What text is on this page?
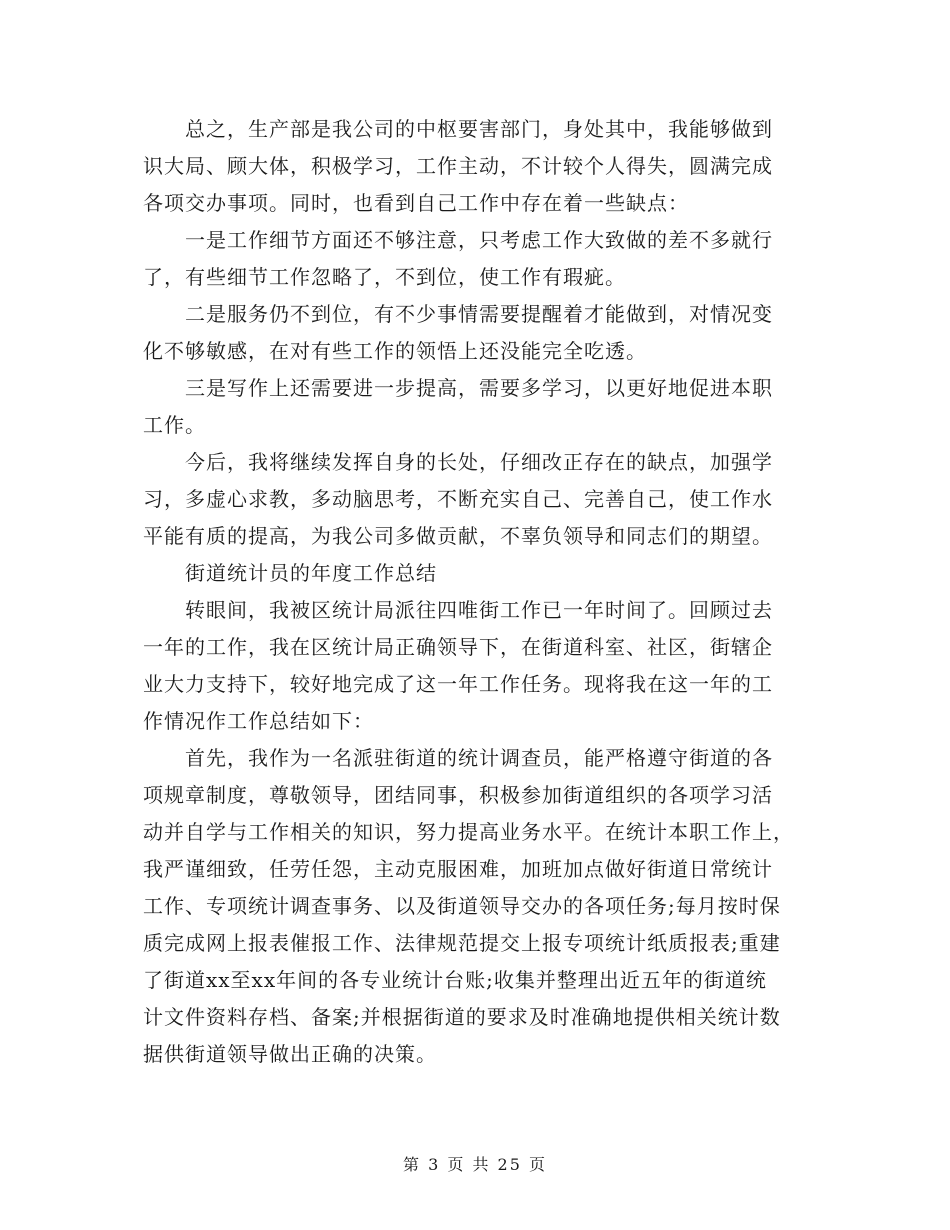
总之，生产部是我公司的中枢要害部门，身处其中，我能够做到
识大局、顾大体，积极学习，工作主动，不计较个人得失，圆满完成
各项交办事项。同时，也看到自己工作中存在着一些缺点：

一是工作细节方面还不够注意，只考虑工作大致做的差不多就行
了，有些细节工作忽略了，不到位，使工作有瑕疵。

二是服务仍不到位，有不少事情需要提醒着才能做到，对情况变
化不够敏感，在对有些工作的领悟上还没能完全吃透。

三是写作上还需要进一步提高，需要多学习，以更好地促进本职
工作。

今后，我将继续发挥自身的长处，仔细改正存在的缺点，加强学
习，多虚心求教，多动脑思考，不断充实自己、完善自己，使工作水
平能有质的提高，为我公司多做贡献，不辜负领导和同志们的期望。

街道统计员的年度工作总结

转眼间，我被区统计局派往四唯街工作已一年时间了。回顾过去
一年的工作，我在区统计局正确领导下，在街道科室、社区，街辖企
业大力支持下，较好地完成了这一年工作任务。现将我在这一年的工
作情况作工作总结如下：

首先，我作为一名派驻街道的统计调查员，能严格遵守街道的各
项规章制度，尊敬领导，团结同事，积极参加街道组织的各项学习活
动并自学与工作相关的知识，努力提高业务水平。在统计本职工作上，
我严谨细致，任劳任怨，主动克服困难，加班加点做好街道日常统计
工作、专项统计调查事务、以及街道领导交办的各项任务;每月按时保
质完成网上报表催报工作、法律规范提交上报专项统计纸质报表;重建
了街道xx至xx年间的各专业统计台账;收集并整理出近五年的街道统
计文件资料存档、备案;并根据街道的要求及时准确地提供相关统计数
据供街道领导做出正确的决策。

第 3 页 共 25 页
